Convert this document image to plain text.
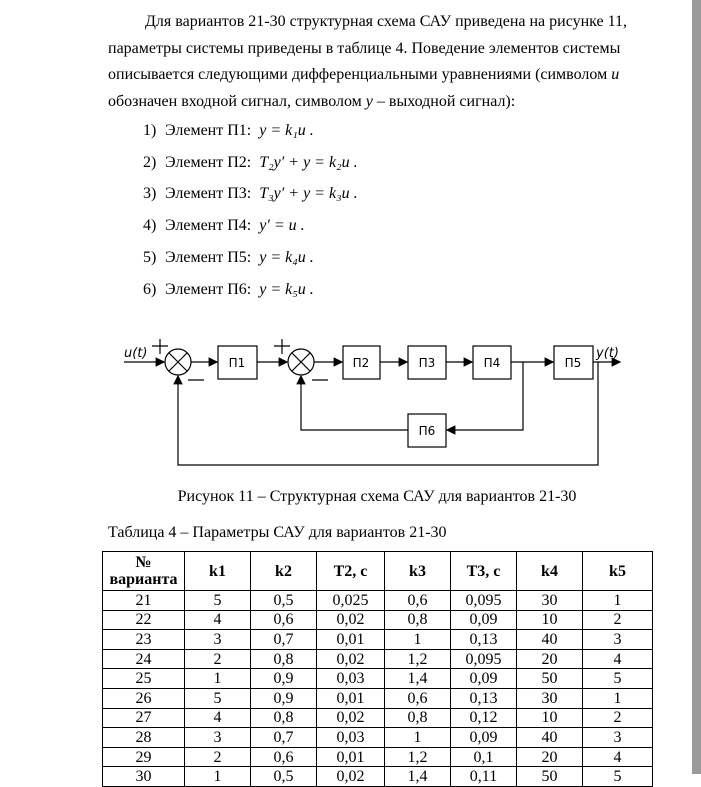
Для вариантов 21-30 структурная схема САУ приведена на рисунке 11,
параметры системы приведены в таблице 4. Поведение элементов системы
описывается следующими дифференциальными уравнениями (символом u
обозначен входной сигнал, символом y – выходной сигнал):
1) Элемент П1: y = k₁u .
2) Элемент П2: T₂y′ + y = k₂u .
3) Элемент П3: T₃y′ + y = k₃u .
4) Элемент П4: y′ = u .
5) Элемент П5: y = k₄u .
6) Элемент П6: y = k₅u .
П1	П2	П3	П4	П5
П6
u(t)	y(t)
Рисунок 11 – Структурная схема САУ для вариантов 21-30
Таблица 4 – Параметры САУ для вариантов 21-30
№ варианта	k1	k2	T2, c	k3	T3, c	k4	k5
21	5	0,5	0,025	0,6	0,095	30	1
22	4	0,6	0,02	0,8	0,09	10	2
23	3	0,7	0,01	1	0,13	40	3
24	2	0,8	0,02	1,2	0,095	20	4
25	1	0,9	0,03	1,4	0,09	50	5
26	5	0,9	0,01	0,6	0,13	30	1
27	4	0,8	0,02	0,8	0,12	10	2
28	3	0,7	0,03	1	0,09	40	3
29	2	0,6	0,01	1,2	0,1	20	4
30	1	0,5	0,02	1,4	0,11	50	5
